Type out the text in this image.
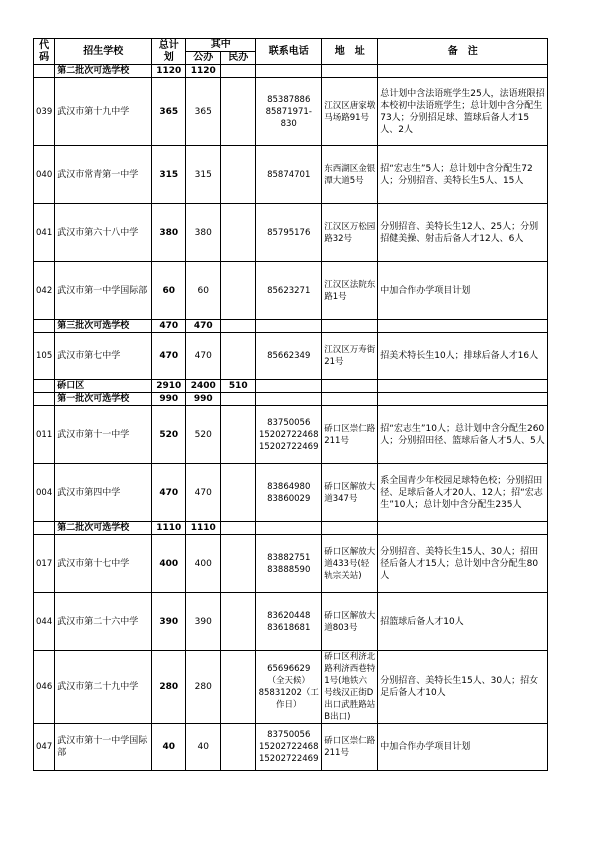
代码	招生学校	总计划	其中		联系电话	地　址	备　注
			公办	民办			
	第二批次可选学校	1120	1120				
039	武汉市第十九中学	365	365		85387886
85871971-830	江汉区唐家墩马场路91号	总计划中含法语班学生25人，法语班限招本校初中法语班学生；总计划中含分配生73人；分别招足球、篮球后备人才15人、2人
040	武汉市常青第一中学	315	315		85874701	东西湖区金银潭大道5号	招“宏志生”5人；总计划中含分配生72人；分别招音、美特长生5人、15人
041	武汉市第六十八中学	380	380		85795176	江汉区万松园路32号	分别招音、美特长生12人、25人；分别招健美操、射击后备人才12人、6人
042	武汉市第一中学国际部	60	60		85623271	江汉区法院东路1号	中加合作办学项目计划
	第三批次可选学校	470	470				
105	武汉市第七中学	470	470		85662349	江汉区万寿街21号	招美术特长生10人；排球后备人才16人
	硚口区	2910	2400	510			
	第一批次可选学校	990	990				
011	武汉市第十一中学	520	520		83750056
15202722468
15202722469	硚口区崇仁路211号	招“宏志生”10人；总计划中含分配生260人；分别招田径、篮球后备人才5人、5人
004	武汉市第四中学	470	470		83864980
83860029	硚口区解放大道347号	系全国青少年校园足球特色校；分别招田径、足球后备人才20人、12人；招“宏志生”10人；总计划中含分配生235人
	第二批次可选学校	1110	1110				
017	武汉市第十七中学	400	400		83882751
83888590	硚口区解放大道433号(轻轨宗关站)	分别招音、美特长生15人、30人；招田径后备人才15人；总计划中含分配生80人
044	武汉市第二十六中学	390	390		83620448
83618681	硚口区解放大道803号	招篮球后备人才10人
046	武汉市第二十九中学	280	280		65696629
（全天候）
85831202（工作日）	硚口区利济北路利济西巷特1号(地铁六号线汉正街D出口武胜路站B出口)	分别招音、美特长生15人、30人；招女足后备人才10人
047	武汉市第十一中学国际部	40	40		83750056
15202722468
15202722469	硚口区崇仁路211号	中加合作办学项目计划
